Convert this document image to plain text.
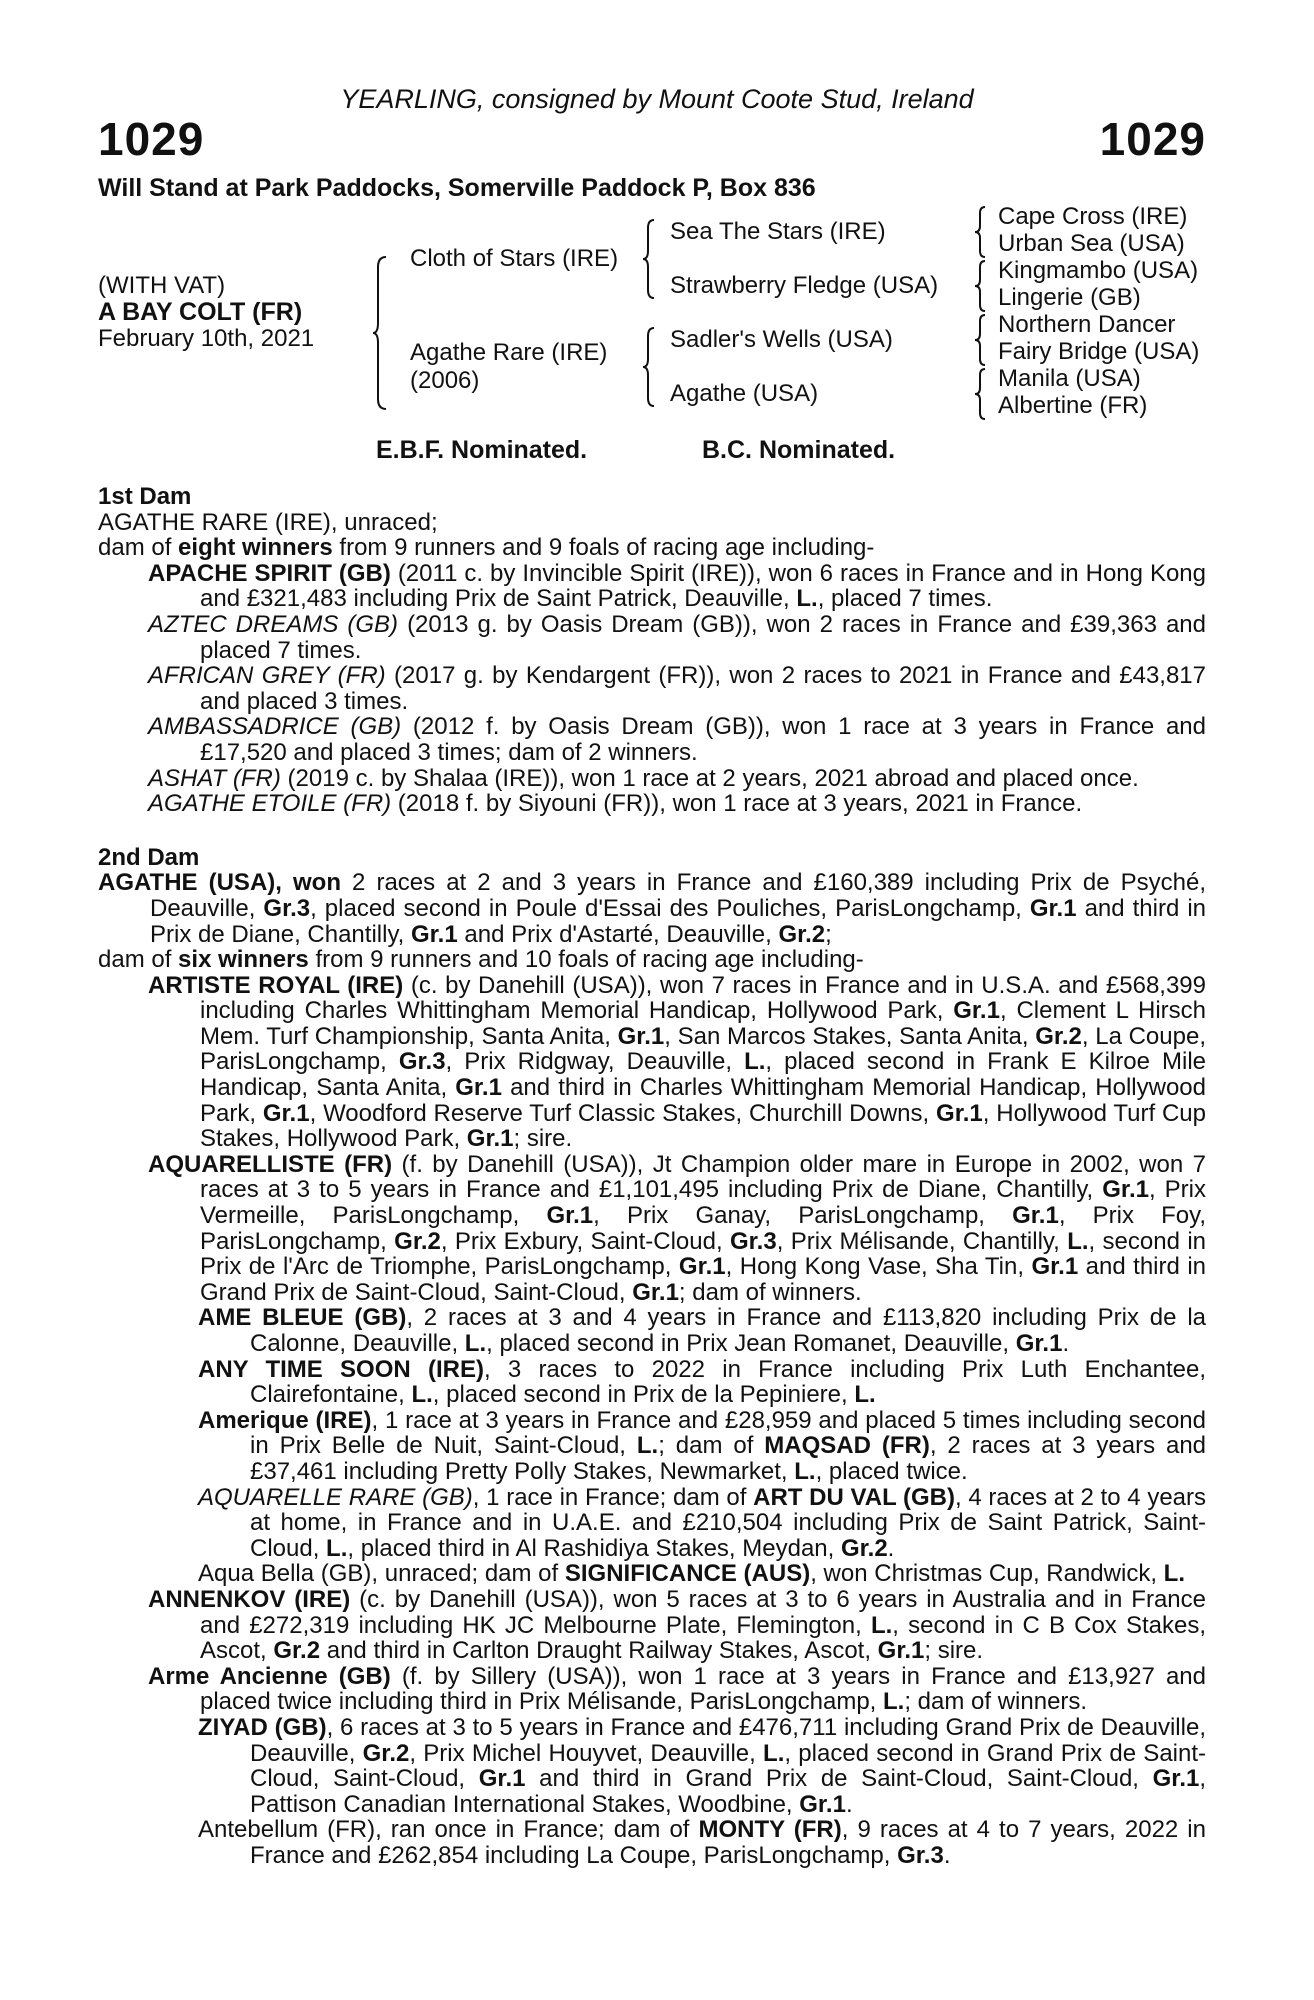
YEARLING, consigned by Mount Coote Stud, Ireland
1029	1029
Will Stand at Park Paddocks, Somerville Paddock P, Box 836
(WITH VAT)
A BAY COLT (FR)
February 10th, 2021
Cloth of Stars (IRE)
Agathe Rare (IRE)
(2006)
Sea The Stars (IRE)
Strawberry Fledge (USA)
Sadler's Wells (USA)
Agathe (USA)
Cape Cross (IRE)
Urban Sea (USA)
Kingmambo (USA)
Lingerie (GB)
Northern Dancer
Fairy Bridge (USA)
Manila (USA)
Albertine (FR)
E.B.F. Nominated.	B.C. Nominated.
1st Dam
AGATHE RARE (IRE), unraced;
dam of eight winners from 9 runners and 9 foals of racing age including-
APACHE SPIRIT (GB) (2011 c. by Invincible Spirit (IRE)), won 6 races in France and in Hong Kong and £321,483 including Prix de Saint Patrick, Deauville, L., placed 7 times.
AZTEC DREAMS (GB) (2013 g. by Oasis Dream (GB)), won 2 races in France and £39,363 and placed 7 times.
AFRICAN GREY (FR) (2017 g. by Kendargent (FR)), won 2 races to 2021 in France and £43,817 and placed 3 times.
AMBASSADRICE (GB) (2012 f. by Oasis Dream (GB)), won 1 race at 3 years in France and £17,520 and placed 3 times; dam of 2 winners.
ASHAT (FR) (2019 c. by Shalaa (IRE)), won 1 race at 2 years, 2021 abroad and placed once.
AGATHE ETOILE (FR) (2018 f. by Siyouni (FR)), won 1 race at 3 years, 2021 in France.
2nd Dam
AGATHE (USA), won 2 races at 2 and 3 years in France and £160,389 including Prix de Psyché, Deauville, Gr.3, placed second in Poule d'Essai des Pouliches, ParisLongchamp, Gr.1 and third in Prix de Diane, Chantilly, Gr.1 and Prix d'Astarté, Deauville, Gr.2;
dam of six winners from 9 runners and 10 foals of racing age including-
ARTISTE ROYAL (IRE) (c. by Danehill (USA)), won 7 races in France and in U.S.A. and £568,399 including Charles Whittingham Memorial Handicap, Hollywood Park, Gr.1, Clement L Hirsch Mem. Turf Championship, Santa Anita, Gr.1, San Marcos Stakes, Santa Anita, Gr.2, La Coupe, ParisLongchamp, Gr.3, Prix Ridgway, Deauville, L., placed second in Frank E Kilroe Mile Handicap, Santa Anita, Gr.1 and third in Charles Whittingham Memorial Handicap, Hollywood Park, Gr.1, Woodford Reserve Turf Classic Stakes, Churchill Downs, Gr.1, Hollywood Turf Cup Stakes, Hollywood Park, Gr.1; sire.
AQUARELLISTE (FR) (f. by Danehill (USA)), Jt Champion older mare in Europe in 2002, won 7 races at 3 to 5 years in France and £1,101,495 including Prix de Diane, Chantilly, Gr.1, Prix Vermeille, ParisLongchamp, Gr.1, Prix Ganay, ParisLongchamp, Gr.1, Prix Foy, ParisLongchamp, Gr.2, Prix Exbury, Saint-Cloud, Gr.3, Prix Mélisande, Chantilly, L., second in Prix de l'Arc de Triomphe, ParisLongchamp, Gr.1, Hong Kong Vase, Sha Tin, Gr.1 and third in Grand Prix de Saint-Cloud, Saint-Cloud, Gr.1; dam of winners.
AME BLEUE (GB), 2 races at 3 and 4 years in France and £113,820 including Prix de la Calonne, Deauville, L., placed second in Prix Jean Romanet, Deauville, Gr.1.
ANY TIME SOON (IRE), 3 races to 2022 in France including Prix Luth Enchantee, Clairefontaine, L., placed second in Prix de la Pepiniere, L.
Amerique (IRE), 1 race at 3 years in France and £28,959 and placed 5 times including second in Prix Belle de Nuit, Saint-Cloud, L.; dam of MAQSAD (FR), 2 races at 3 years and £37,461 including Pretty Polly Stakes, Newmarket, L., placed twice.
AQUARELLE RARE (GB), 1 race in France; dam of ART DU VAL (GB), 4 races at 2 to 4 years at home, in France and in U.A.E. and £210,504 including Prix de Saint Patrick, Saint-Cloud, L., placed third in Al Rashidiya Stakes, Meydan, Gr.2.
Aqua Bella (GB), unraced; dam of SIGNIFICANCE (AUS), won Christmas Cup, Randwick, L.
ANNENKOV (IRE) (c. by Danehill (USA)), won 5 races at 3 to 6 years in Australia and in France and £272,319 including HK JC Melbourne Plate, Flemington, L., second in C B Cox Stakes, Ascot, Gr.2 and third in Carlton Draught Railway Stakes, Ascot, Gr.1; sire.
Arme Ancienne (GB) (f. by Sillery (USA)), won 1 race at 3 years in France and £13,927 and placed twice including third in Prix Mélisande, ParisLongchamp, L.; dam of winners.
ZIYAD (GB), 6 races at 3 to 5 years in France and £476,711 including Grand Prix de Deauville, Deauville, Gr.2, Prix Michel Houyvet, Deauville, L., placed second in Grand Prix de Saint-Cloud, Saint-Cloud, Gr.1 and third in Grand Prix de Saint-Cloud, Saint-Cloud, Gr.1, Pattison Canadian International Stakes, Woodbine, Gr.1.
Antebellum (FR), ran once in France; dam of MONTY (FR), 9 races at 4 to 7 years, 2022 in France and £262,854 including La Coupe, ParisLongchamp, Gr.3.
